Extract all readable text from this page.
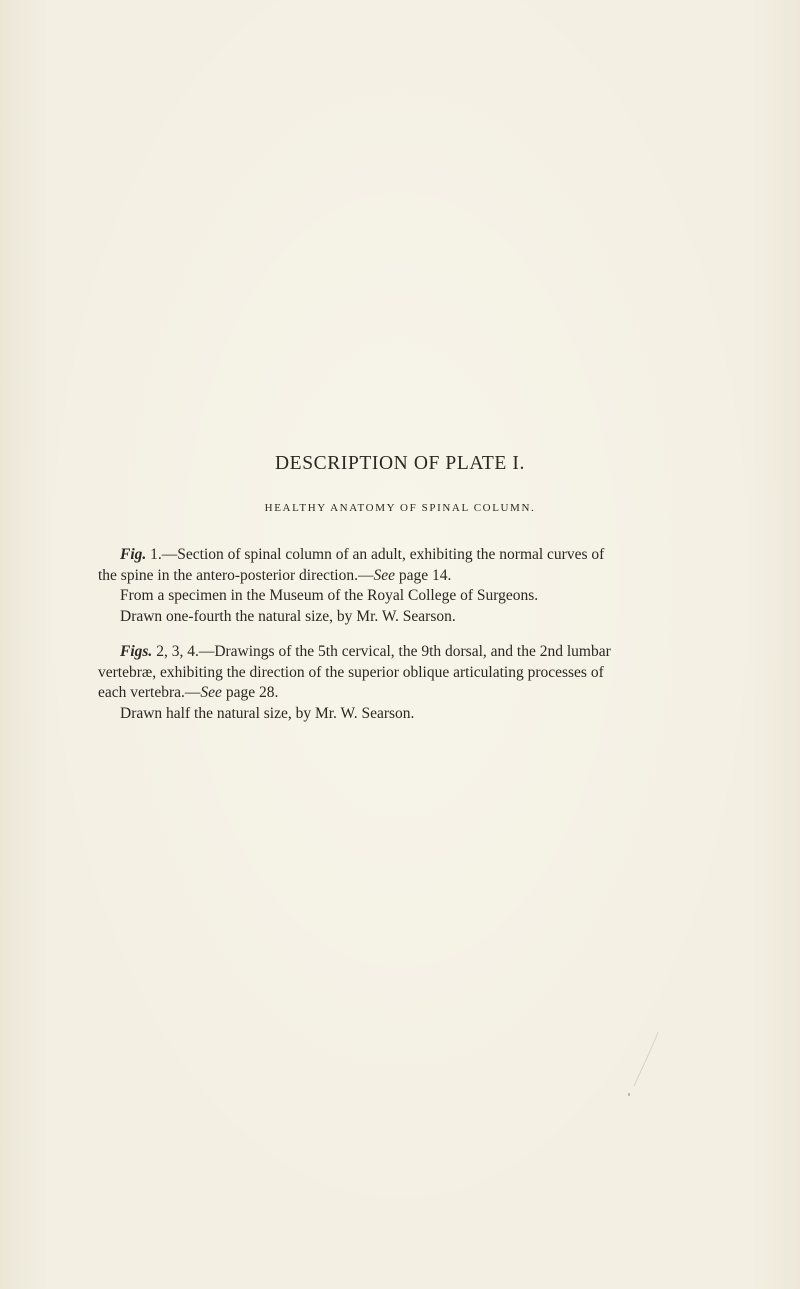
DESCRIPTION OF PLATE I.
HEALTHY ANATOMY OF SPINAL COLUMN.
Fig. 1.—Section of spinal column of an adult, exhibiting the normal curves of
the spine in the antero-posterior direction.—See page 14.
From a specimen in the Museum of the Royal College of Surgeons.
Drawn one-fourth the natural size, by Mr. W. Searson.
Figs. 2, 3, 4.—Drawings of the 5th cervical, the 9th dorsal, and the 2nd lumbar
vertebræ, exhibiting the direction of the superior oblique articulating processes of
each vertebra.—See page 28.
Drawn half the natural size, by Mr. W. Searson.
